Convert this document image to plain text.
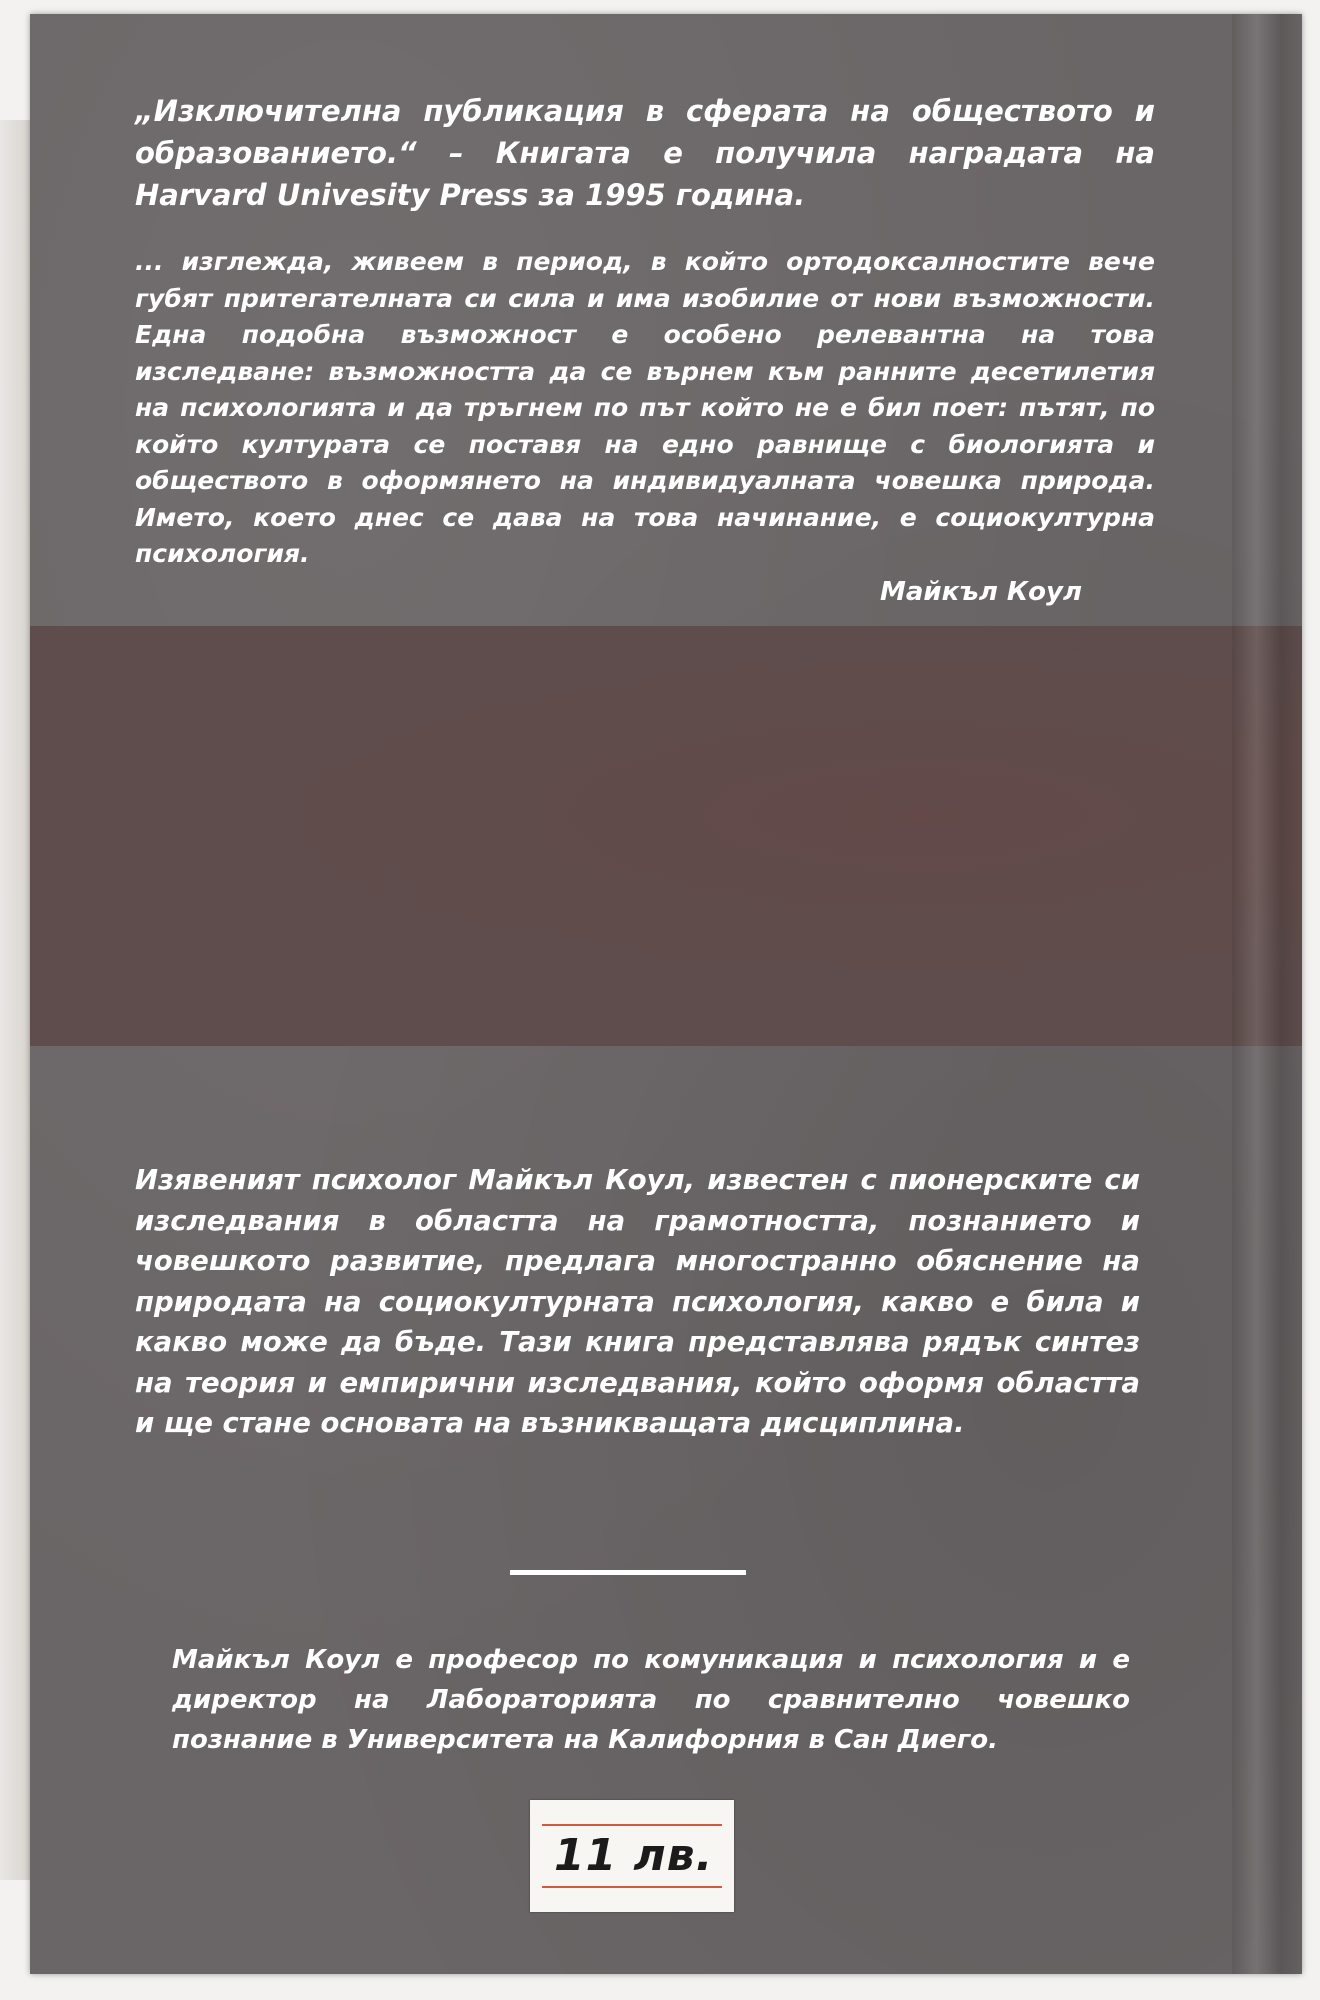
„Изключителна публикация в сферата на обществото и образованието.“ – Книгата е получила наградата на Harvard Univesity Press за 1995 година.

... изглежда, живеем в период, в който ортодоксалностите вече губят притегателната си сила и има изобилие от нови възможности. Една подобна възможност е особено релевантна на това изследване: възможността да се върнем към ранните десетилетия на психологията и да тръгнем по път който не е бил поет: пътят, по който културата се поставя на едно равнище с биологията и обществото в оформянето на индивидуалната човешка природа. Името, което днес се дава на това начинание, е социокултурна психология.

Майкъл Коул

Изявеният психолог Майкъл Коул, известен с пионерските си изследвания в областта на грамотността, познанието и човешкото развитие, предлага многостранно обяснение на природата на социокултурната психология, какво е била и какво може да бъде. Тази книга представлява рядък синтез на теория и емпирични изследвания, който оформя областта и ще стане основата на възникващата дисциплина.

Майкъл Коул е професор по комуникация и психология и е директор на Лабораторията по сравнително човешко познание в Университета на Калифорния в Сан Диего.

11 лв.
